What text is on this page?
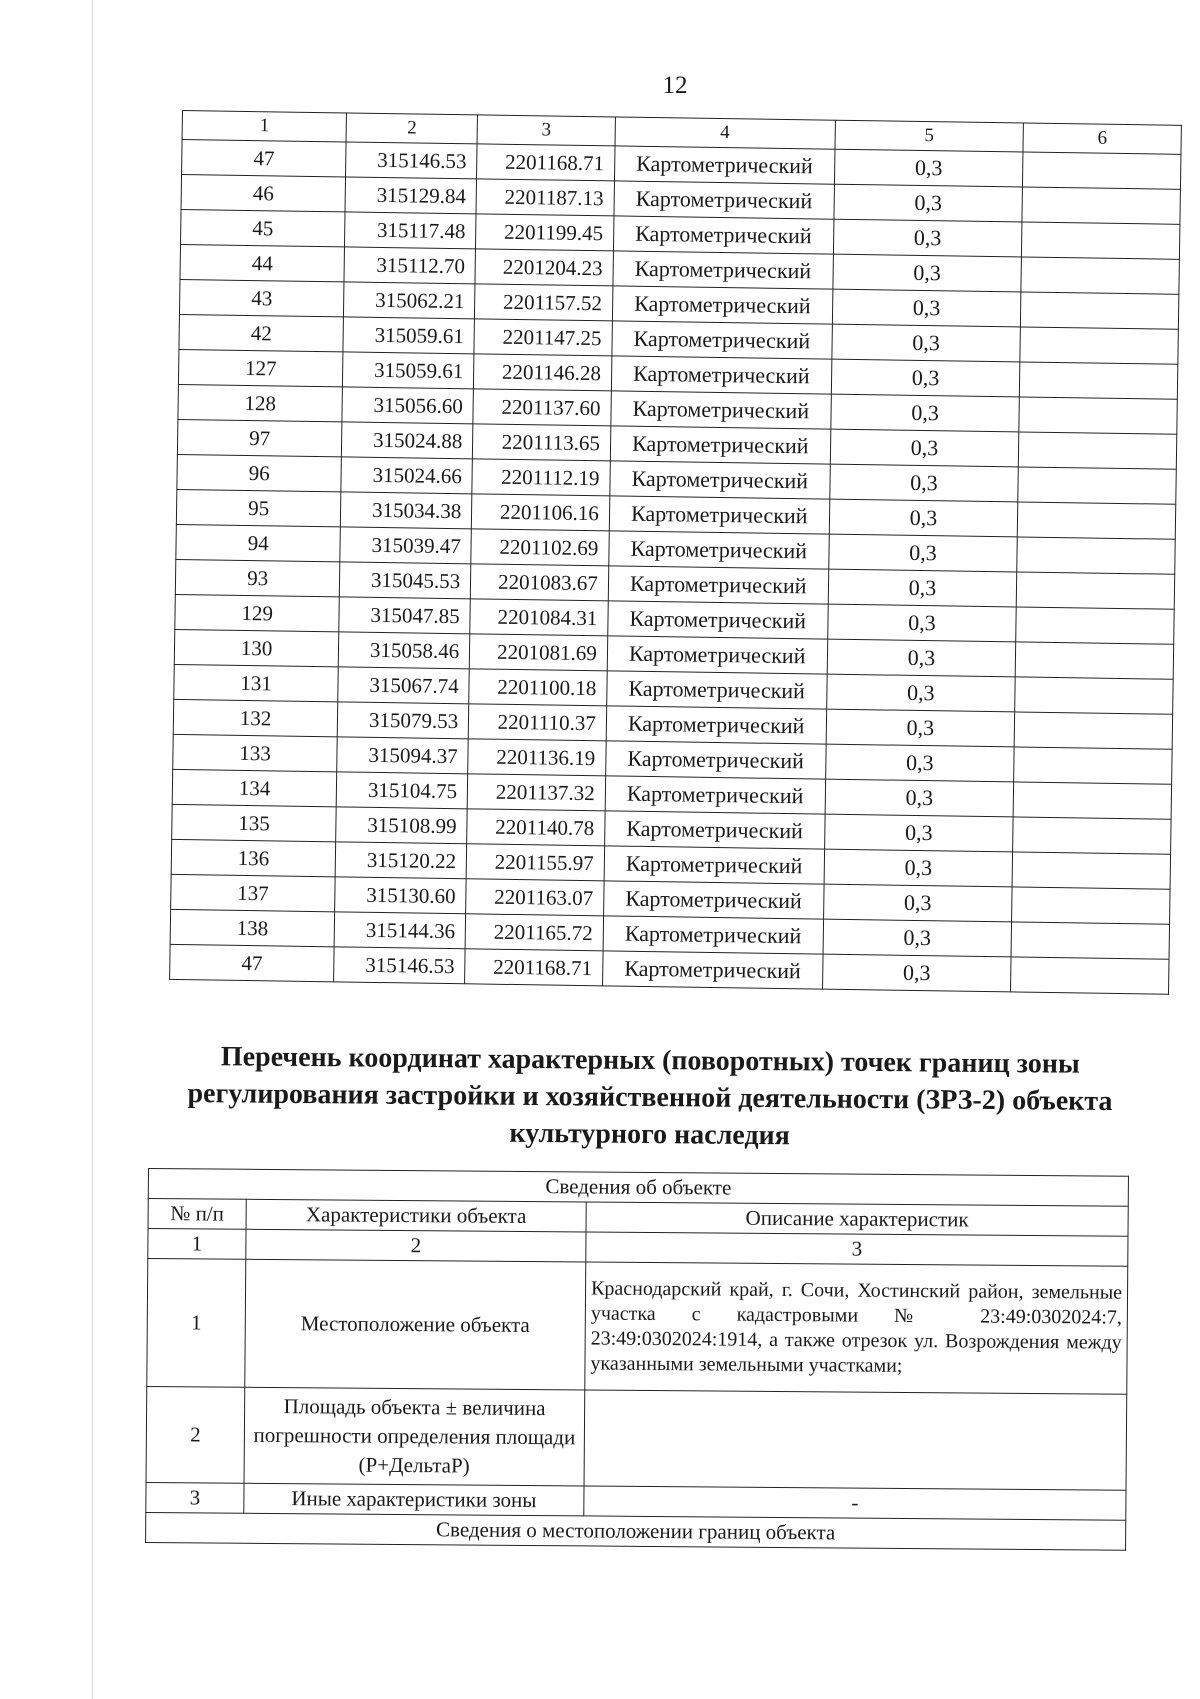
12
1	2	3	4	5	6
47	315146.53	2201168.71	Картометрический	0,3	
46	315129.84	2201187.13	Картометрический	0,3	
45	315117.48	2201199.45	Картометрический	0,3	
44	315112.70	2201204.23	Картометрический	0,3	
43	315062.21	2201157.52	Картометрический	0,3	
42	315059.61	2201147.25	Картометрический	0,3	
127	315059.61	2201146.28	Картометрический	0,3	
128	315056.60	2201137.60	Картометрический	0,3	
97	315024.88	2201113.65	Картометрический	0,3	
96	315024.66	2201112.19	Картометрический	0,3	
95	315034.38	2201106.16	Картометрический	0,3	
94	315039.47	2201102.69	Картометрический	0,3	
93	315045.53	2201083.67	Картометрический	0,3	
129	315047.85	2201084.31	Картометрический	0,3	
130	315058.46	2201081.69	Картометрический	0,3	
131	315067.74	2201100.18	Картометрический	0,3	
132	315079.53	2201110.37	Картометрический	0,3	
133	315094.37	2201136.19	Картометрический	0,3	
134	315104.75	2201137.32	Картометрический	0,3	
135	315108.99	2201140.78	Картометрический	0,3	
136	315120.22	2201155.97	Картометрический	0,3	
137	315130.60	2201163.07	Картометрический	0,3	
138	315144.36	2201165.72	Картометрический	0,3	
47	315146.53	2201168.71	Картометрический	0,3	
Перечень координат характерных (поворотных) точек границ зоны
регулирования застройки и хозяйственной деятельности (ЗРЗ-2) объекта
культурного наследия
Сведения об объекте		
№ п/п	Характеристики объекта	Описание характеристик
1	2	3
1	Местоположение объекта	Краснодарский край, г. Сочи, Хостинский район, земельные участка с кадастровыми № 23:49:0302024:7, 23:49:0302024:1914, а также отрезок ул. Возрождения между указанными земельными участками;
2	Площадь объекта ± величина погрешности определения площади (Р+ДельтаР)	
3	Иные характеристики зоны	-
Сведения о местоположении границ объекта		
